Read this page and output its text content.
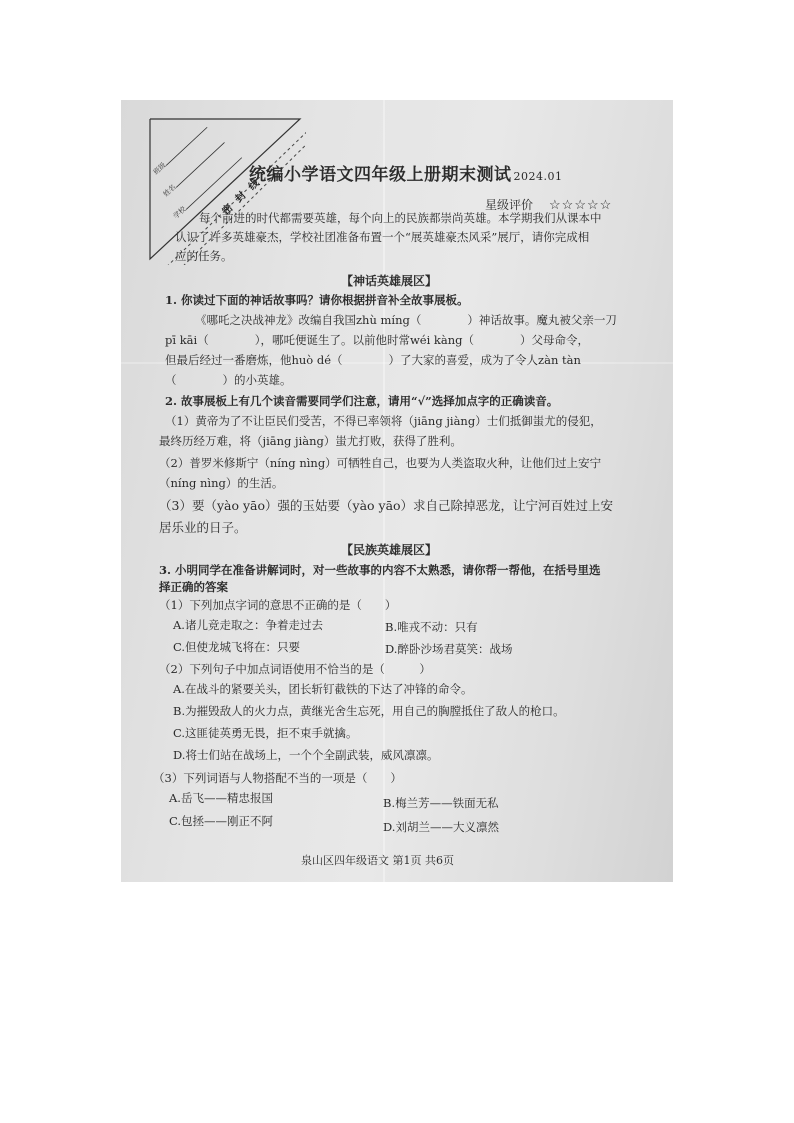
班级
姓名
学校	密封线
统编小学语文四年级上册期末测试 2024.01
星级评价 ☆☆☆☆☆
每个前进的时代都需要英雄，每个向上的民族都崇尚英雄。本学期我们从课本中
认识了许多英雄豪杰，学校社团准备布置一个“展英雄豪杰风采”展厅，请你完成相
应的任务。
【神话英雄展区】
1. 你读过下面的神话故事吗？请你根据拼音补全故事展板。
《哪吒之决战神龙》改编自我国zhù míng（　　　　）神话故事。魔丸被父亲一刀
pī kāi（　　　　），哪吒便诞生了。以前他时常wéi kàng（　　　　）父母命令，
但最后经过一番磨炼，他huò dé（　　　　）了大家的喜爱，成为了令人zàn tàn
（　　　　）的小英雄。
2. 故事展板上有几个读音需要同学们注意，请用“√”选择加点字的正确读音。
（1）黄帝为了不让臣民们受苦，不得已率领将（jiāng jiàng）士们抵御蚩尤的侵犯，
最终历经万难，将（jiāng jiàng）蚩尤打败，获得了胜利。
（2）普罗米修斯宁（níng nìng）可牺牲自己，也要为人类盗取火种，让他们过上安宁
（níng nìng）的生活。
（3）要（yào yāo）强的玉姑要（yào yāo）求自己除掉恶龙，让宁河百姓过上安
居乐业的日子。
【民族英雄展区】
3. 小明同学在准备讲解词时，对一些故事的内容不太熟悉，请你帮一帮他，在括号里选
择正确的答案
（1）下列加点字词的意思不正确的是（　　）
A.诸儿竞走取之：争着走过去	B.唯戎不动：只有
C.但使龙城飞将在：只要	D.醉卧沙场君莫笑：战场
（2）下列句子中加点词语使用不恰当的是（　　　）
A.在战斗的紧要关头，团长斩钉截铁的下达了冲锋的命令。
B.为摧毁敌人的火力点，黄继光舍生忘死，用自己的胸膛抵住了敌人的枪口。
C.这匪徒英勇无畏，拒不束手就擒。
D.将士们站在战场上，一个个全副武装，威风凛凛。
（3）下列词语与人物搭配不当的一项是（　　）
A.岳飞——精忠报国	B.梅兰芳——铁面无私
C.包拯——刚正不阿	D.刘胡兰——大义凛然
泉山区四年级语文 第1页 共6页
